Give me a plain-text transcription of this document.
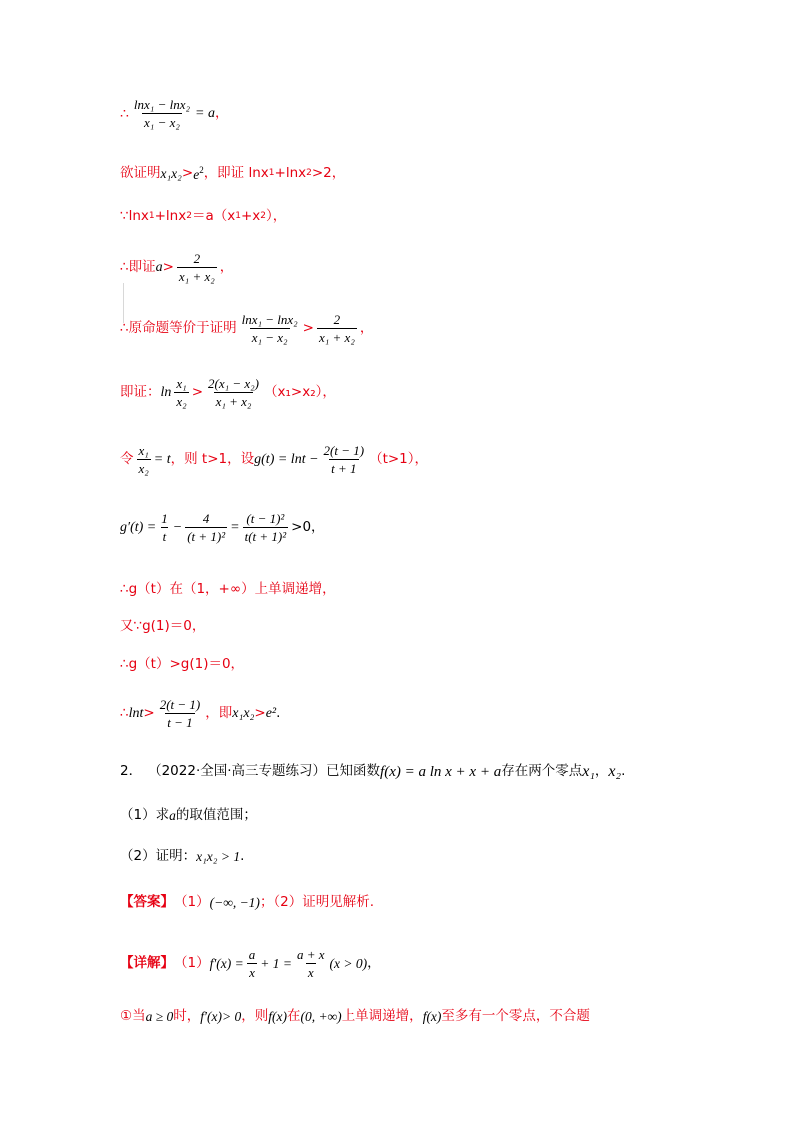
∴ $\frac{\text{lnx₁ − lnx₂}}{\text{x₁ − x₂}} = a$ ，
欲证明 $x_1x_2 > e^2$ ，即证 lnx 1 +lnx 2 >2，
∵lnx 1 +lnx 2 ＝a（x 1 +x 2 ），
∴即证 $a > \frac{2}{\text{x₁ + x₂}}$ ，
∴原命题等价于证明 $\frac{\text{lnx₁ − lnx₂}}{\text{x₁ − x₂}} > \frac{2}{\text{x₁ + x₂}}$ ，
即证： $\ln \frac{\text{x₁}}{\text{x₂}} > \frac{\text{2(x₁ − x₂)}}{\text{x₁ + x₂}} (x_1>x_2)$，
令 $\frac{\text{x₁}}{\text{x₂}} = t$ ，则 t>1，设 $g(t) = \ln t - \frac{2(t - 1)}{t + 1} (t>1)$，
$g'(t) = \frac{1}{t} - \frac{4}{\text{(t + 1)²}} = \frac{\text{(t − 1)²}}{\text{t(t + 1)²}} >0$，
∴g（t）在（1，+∞）上单调递增，
又∵g(1)＝0，
∴g（t）>g(1)＝0，
∴ $\ln t > \frac{2(t - 1)}{t - 1}$ ，即 x₁x₂ > e² .
2． （2022·全国·高三专题练习）已知函数 f(x) = a ln x + x + a 存在两个零点 x₁ ， x₂ .
（1）求 a 的取值范围；
（2）证明： x₁x₂ > 1 .
【答案】 （1） (−∞, −1) ；（2）证明见解析.
【详解】 （1） $f'(x) = \frac{a}{x} + 1 = \frac{a + x}{x} (x > 0)$ ，
①当 a ≥ 0 时， f′(x) > 0 ，则 f(x) 在 (0, +∞) 上单调递增， f(x) 至多有一个零点，不合题
